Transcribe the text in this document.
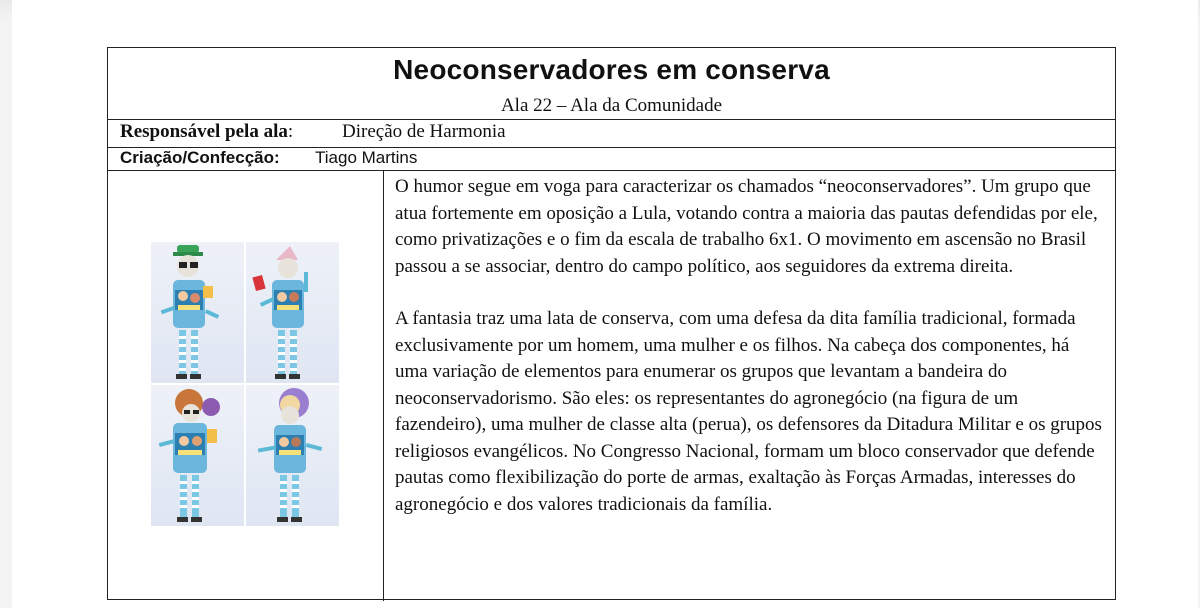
Neoconservadores em conserva
Ala 22 – Ala da Comunidade
Responsável pela ala:	Direção de Harmonia
Criação/Confecção: Tiago Martins

O humor segue em voga para caracterizar os chamados “neoconservadores”. Um grupo que atua fortemente em oposição a Lula, votando contra a maioria das pautas defendidas por ele, como privatizações e o fim da escala de trabalho 6x1. O movimento em ascensão no Brasil passou a se associar, dentro do campo político, aos seguidores da extrema direita.

A fantasia traz uma lata de conserva, com uma defesa da dita família tradicional, formada exclusivamente por um homem, uma mulher e os filhos. Na cabeça dos componentes, há uma variação de elementos para enumerar os grupos que levantam a bandeira do neoconservadorismo. São eles: os representantes do agronegócio (na figura de um fazendeiro), uma mulher de classe alta (perua), os defensores da Ditadura Militar e os grupos religiosos evangélicos. No Congresso Nacional, formam um bloco conservador que defende pautas como flexibilização do porte de armas, exaltação às Forças Armadas, interesses do agronegócio e dos valores tradicionais da família.
